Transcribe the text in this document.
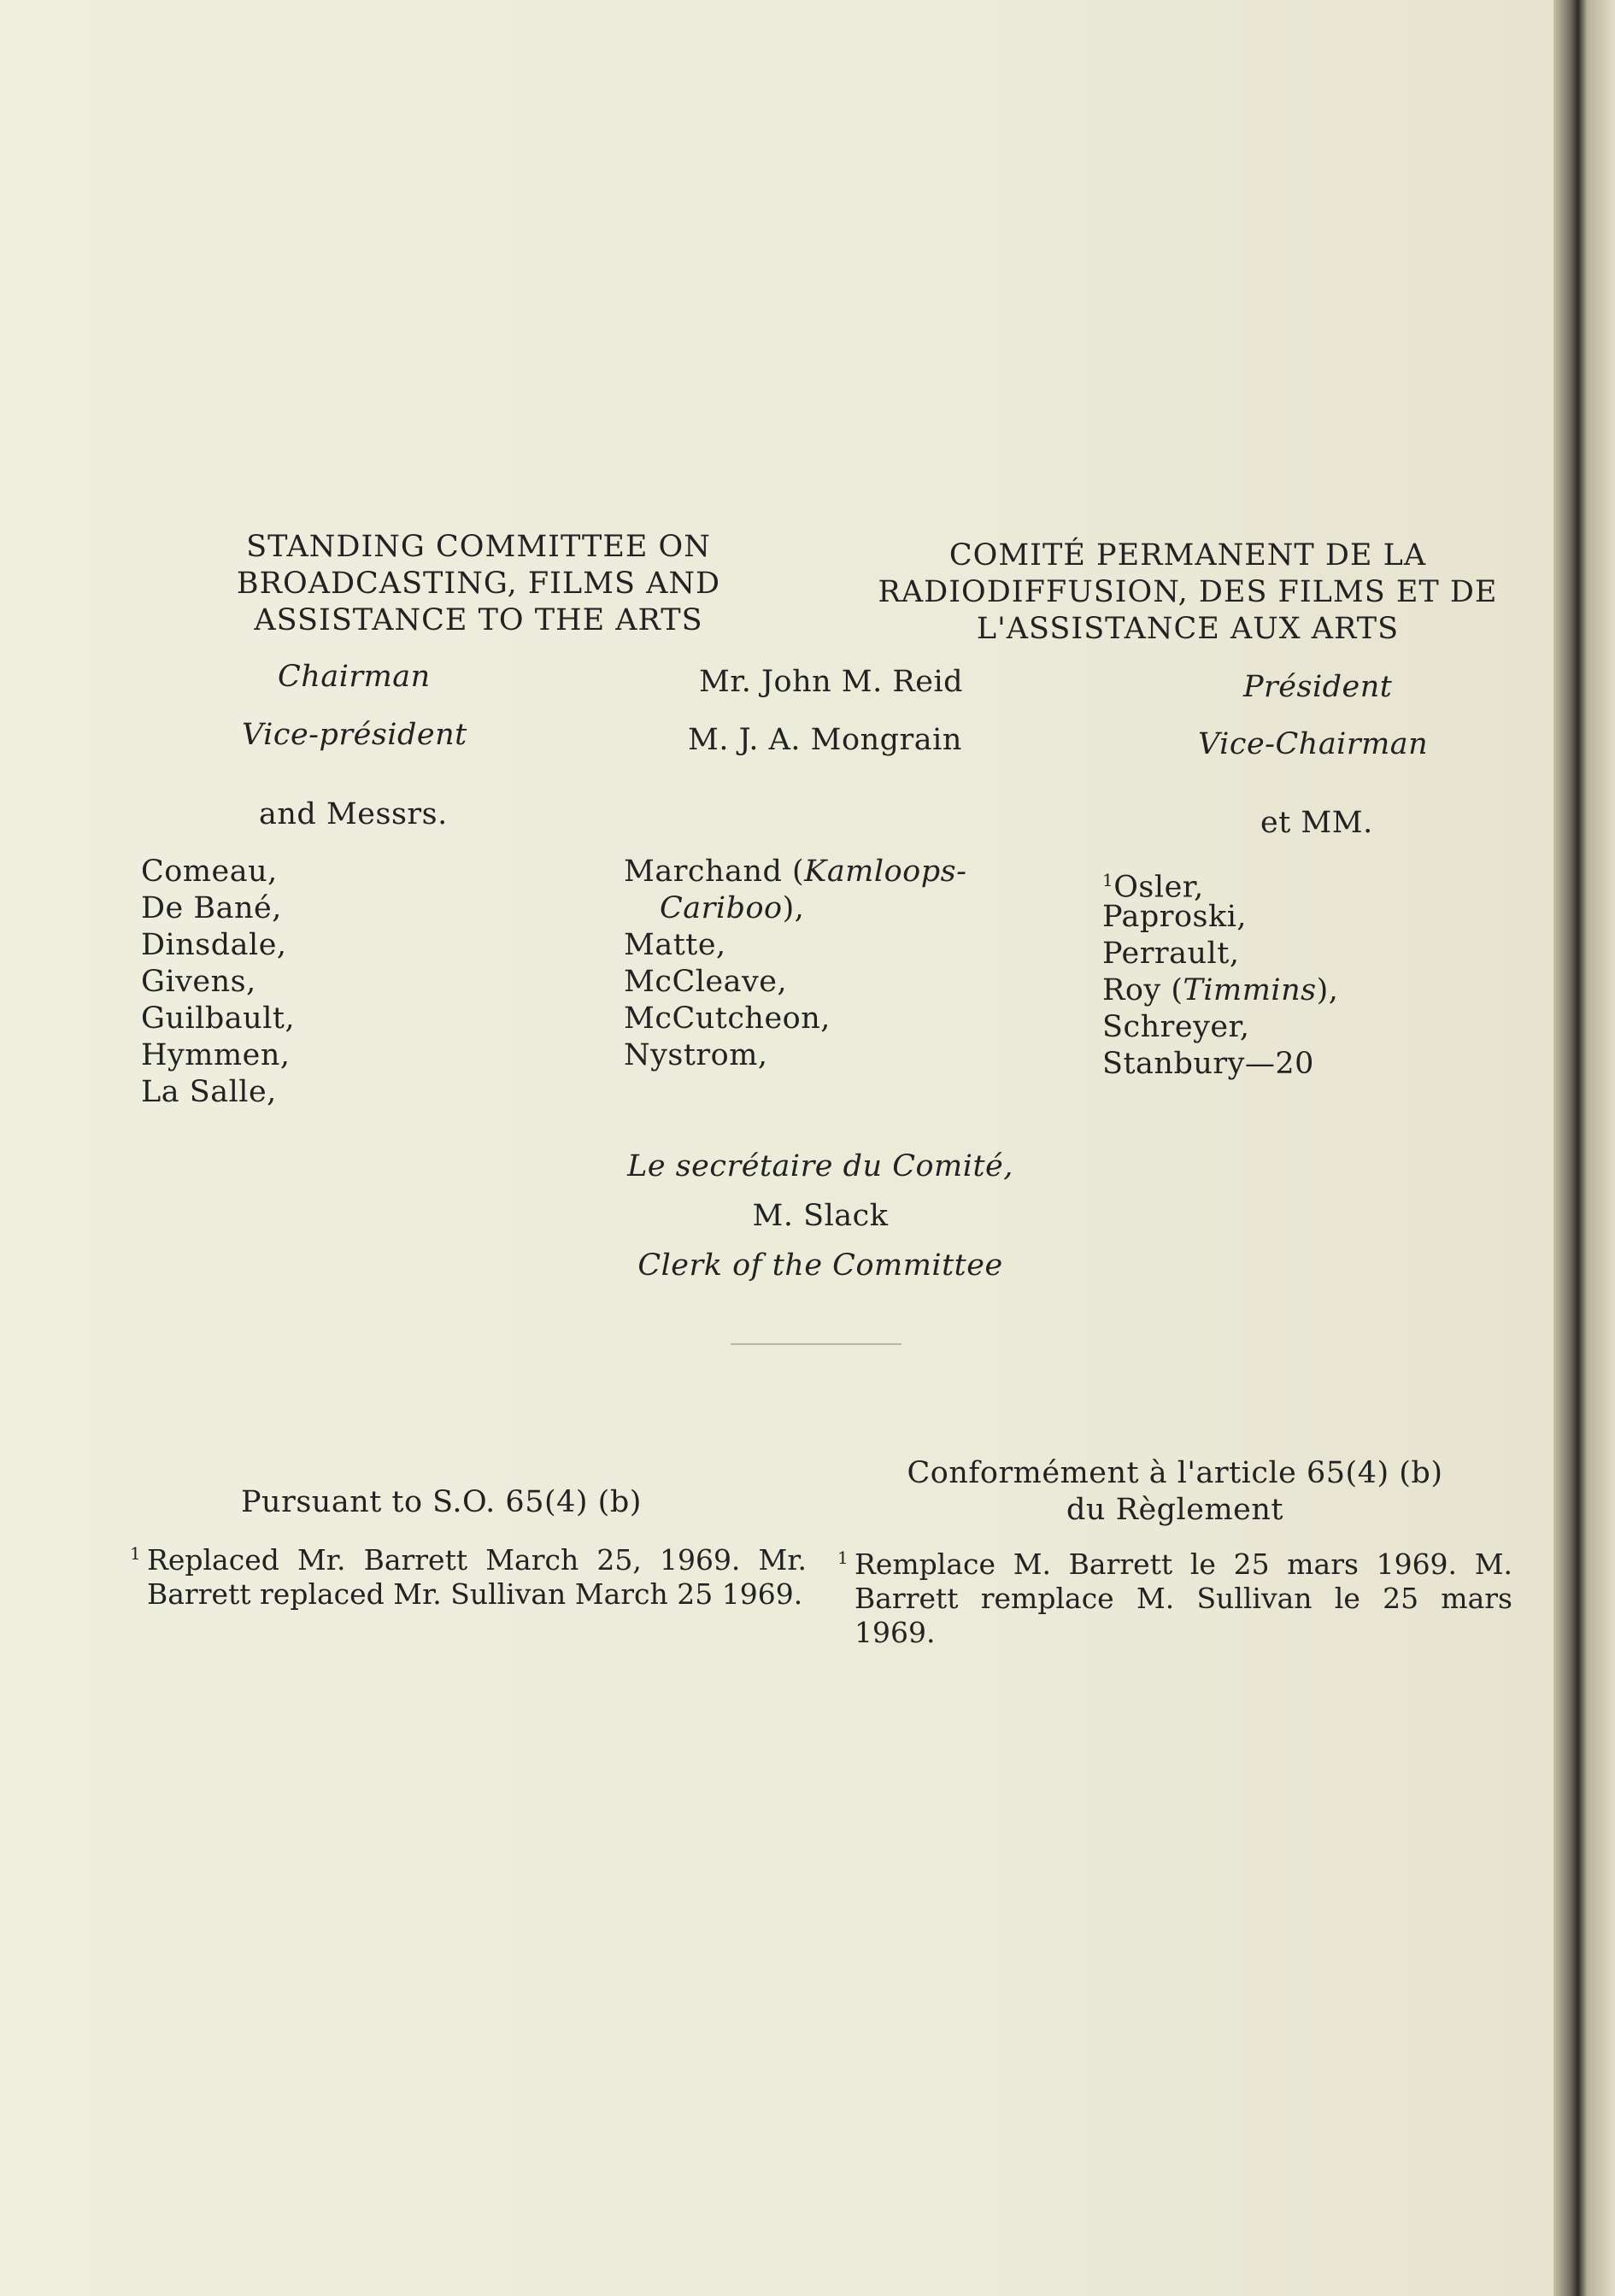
STANDING COMMITTEE ON
BROADCASTING, FILMS AND
ASSISTANCE TO THE ARTS
COMITÉ PERMANENT DE LA
RADIODIFFUSION, DES FILMS ET DE
L'ASSISTANCE AUX ARTS
Chairman	Mr. John M. Reid	Président
Vice-président	M. J. A. Mongrain	Vice-Chairman
and Messrs.	et MM.
Comeau,
De Bané,
Dinsdale,
Givens,
Guilbault,
Hymmen,
La Salle,
Marchand (Kamloops-
Cariboo),
Matte,
McCleave,
McCutcheon,
Nystrom,
$^1$Osler,
Paproski,
Perrault,
Roy (Timmins),
Schreyer,
Stanbury—20
Le secrétaire du Comité,
M. Slack
Clerk of the Committee
Pursuant to S.O. 65(4) (b)
Conformément à l'article 65(4) (b)
du Règlement
1 Replaced Mr. Barrett March 25, 1969. Mr. Barrett replaced Mr. Sullivan March 25 1969.
1 Remplace M. Barrett le 25 mars 1969. M. Barrett remplace M. Sullivan le 25 mars 1969.
